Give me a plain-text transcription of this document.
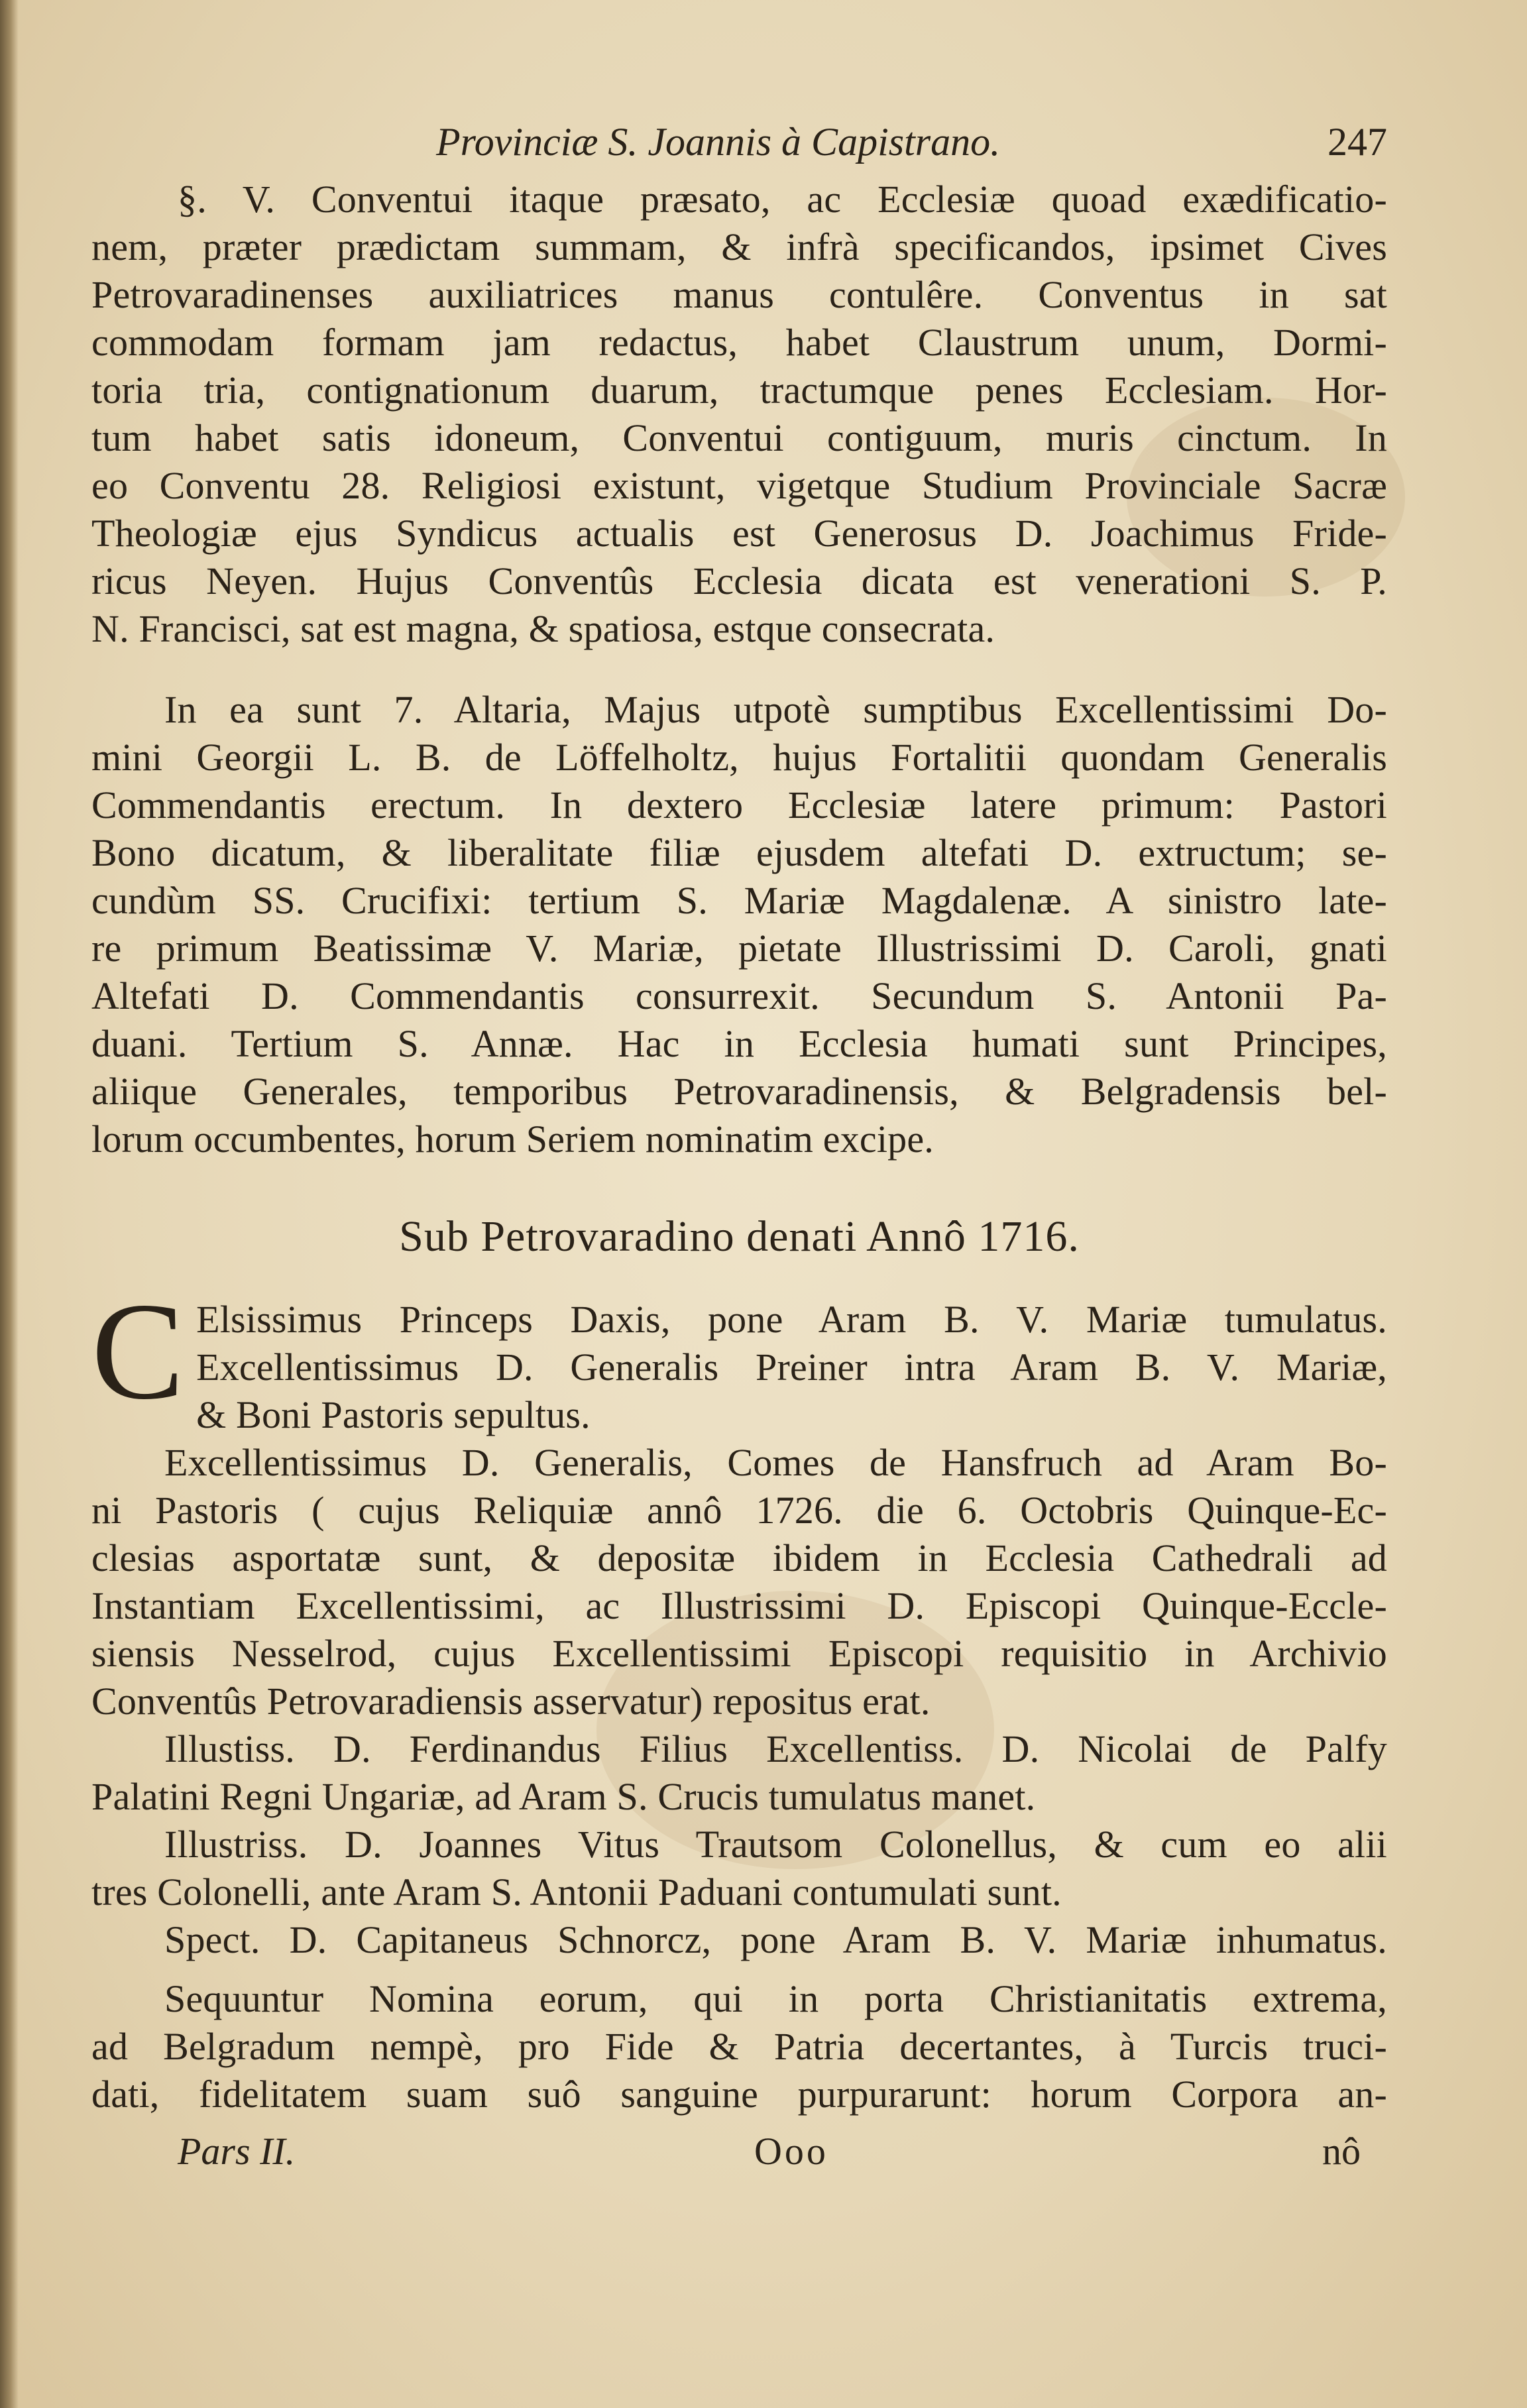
Provinciæ S. Joannis à Capistrano.	247
§. V. Conventui itaque præsato, ac Ecclesiæ quoad exædificatio-
nem, præter prædictam summam, & infrà specificandos, ipsimet Cives
Petrovaradinenses auxiliatrices manus contulêre. Conventus in sat
commodam formam jam redactus, habet Claustrum unum, Dormi-
toria tria, contignationum duarum, tractumque penes Ecclesiam. Hor-
tum habet satis idoneum, Conventui contiguum, muris cinctum. In
eo Conventu 28. Religiosi existunt, vigetque Studium Provinciale Sacræ
Theologiæ ejus Syndicus actualis est Generosus D. Joachimus Fride-
ricus Neyen. Hujus Conventûs Ecclesia dicata est venerationi S. P.
N. Francisci, sat est magna, & spatiosa, estque consecrata.
In ea sunt 7. Altaria, Majus utpotè sumptibus Excellentissimi Do-
mini Georgii L. B. de Löffelholtz, hujus Fortalitii quondam Generalis
Commendantis erectum. In dextero Ecclesiæ latere primum: Pastori
Bono dicatum, & liberalitate filiæ ejusdem altefati D. extructum; se-
cundùm SS. Crucifixi: tertium S. Mariæ Magdalenæ. A sinistro late-
re primum Beatissimæ V. Mariæ, pietate Illustrissimi D. Caroli, gnati
Altefati D. Commendantis consurrexit. Secundum S. Antonii Pa-
duani. Tertium S. Annæ. Hac in Ecclesia humati sunt Principes,
aliique Generales, temporibus Petrovaradinensis, & Belgradensis bel-
lorum occumbentes, horum Seriem nominatim excipe.
Sub Petrovaradino denati Annô 1716.
C Elsissimus Princeps Daxis, pone Aram B. V. Mariæ tumulatus.
Excellentissimus D. Generalis Preiner intra Aram B. V. Mariæ,
& Boni Pastoris sepultus.
Excellentissimus D. Generalis, Comes de Hansfruch ad Aram Bo-
ni Pastoris ( cujus Reliquiæ annô 1726. die 6. Octobris Quinque-Ec-
clesias asportatæ sunt, & depositæ ibidem in Ecclesia Cathedrali ad
Instantiam Excellentissimi, ac Illustrissimi D. Episcopi Quinque-Eccle-
siensis Nesselrod, cujus Excellentissimi Episcopi requisitio in Archivio
Conventûs Petrovaradiensis asservatur) repositus erat.
Illustiss. D. Ferdinandus Filius Excellentiss. D. Nicolai de Palfy
Palatini Regni Ungariæ, ad Aram S. Crucis tumulatus manet.
Illustriss. D. Joannes Vitus Trautsom Colonellus, & cum eo alii
tres Colonelli, ante Aram S. Antonii Paduani contumulati sunt.
Spect. D. Capitaneus Schnorcz, pone Aram B. V. Mariæ inhumatus.
Sequuntur Nomina eorum, qui in porta Christianitatis extrema,
ad Belgradum nempè, pro Fide & Patria decertantes, à Turcis truci-
dati, fidelitatem suam suô sanguine purpurarunt: horum Corpora an-
Pars II.	Ooo	nô
